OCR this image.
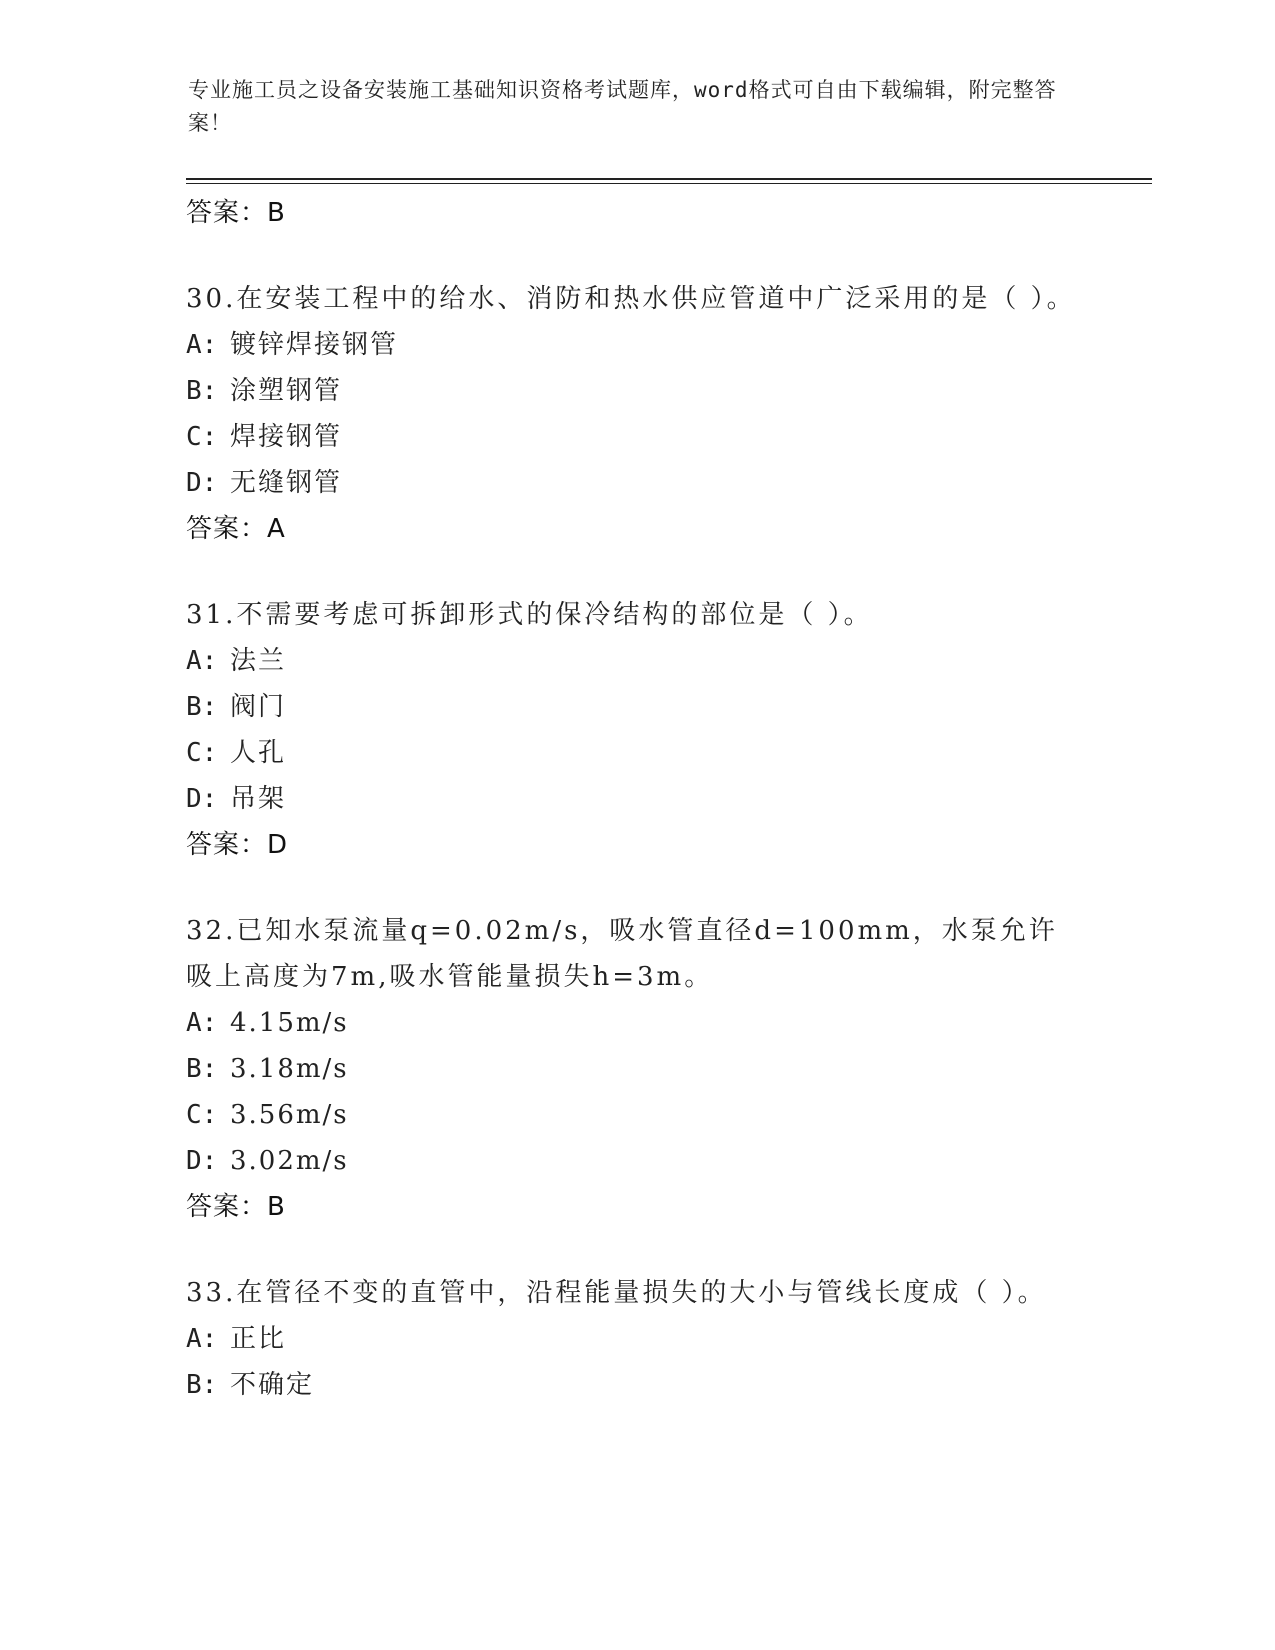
专业施工员之设备安装施工基础知识资格考试题库，word格式可自由下载编辑，附完整答案！
答案：B

30.在安装工程中的给水、消防和热水供应管道中广泛采用的是（ ）。

A: 镀锌焊接钢管

B: 涂塑钢管

C: 焊接钢管

D: 无缝钢管

答案：A

31.不需要考虑可拆卸形式的保冷结构的部位是（ ）。

A: 法兰

B: 阀门

C: 人孔

D: 吊架

答案：D

32.已知水泵流量q=0.02m/s，吸水管直径d=100mm，水泵允许吸上高度为7m,吸水管能量损失h=3m。

A: 4.15m/s

B: 3.18m/s

C: 3.56m/s

D: 3.02m/s

答案：B

33.在管径不变的直管中，沿程能量损失的大小与管线长度成（ ）。

A: 正比

B: 不确定
